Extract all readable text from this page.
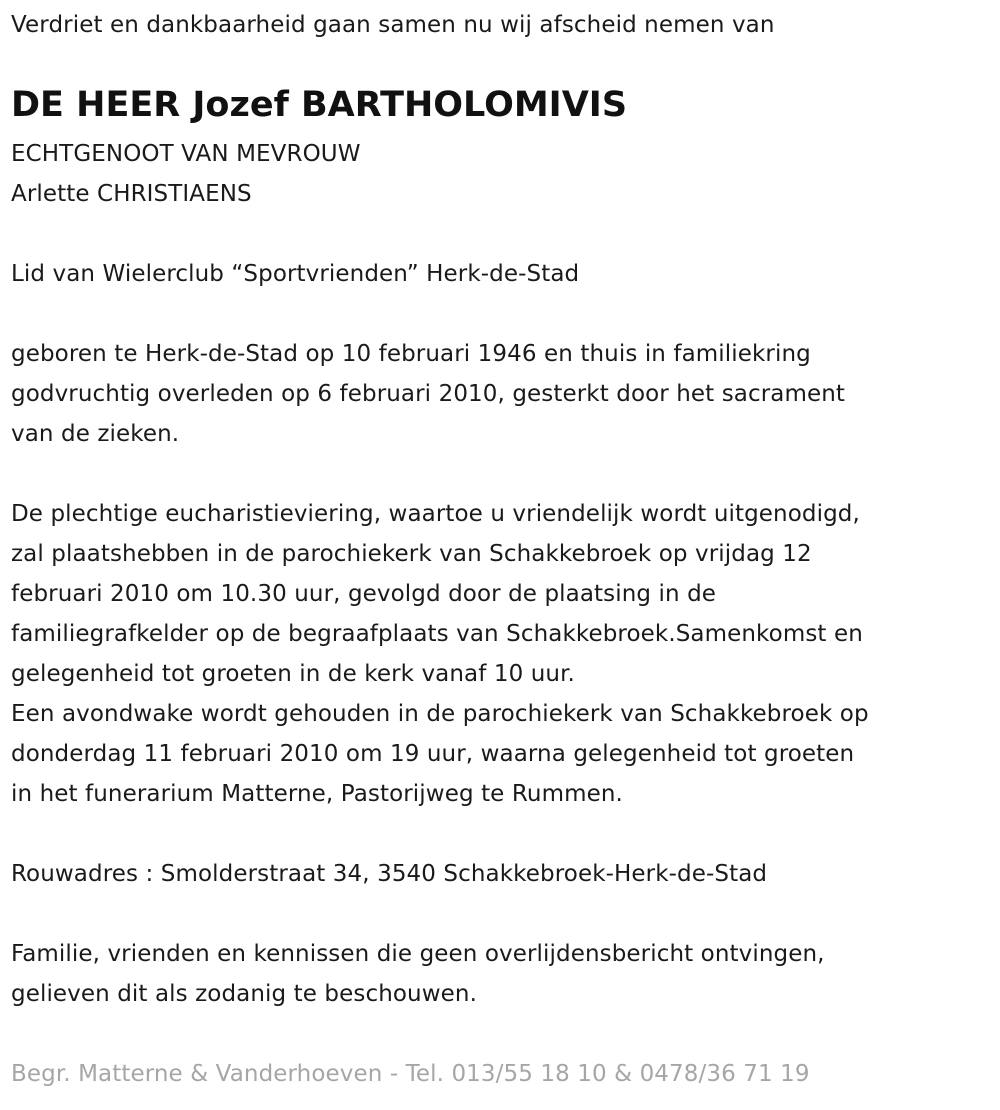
Verdriet en dankbaarheid gaan samen nu wij afscheid nemen van
DE HEER Jozef BARTHOLOMIVIS
ECHTGENOOT VAN MEVROUW
Arlette CHRISTIAENS
Lid van Wielerclub “Sportvrienden” Herk-de-Stad
geboren te Herk-de-Stad op 10 februari 1946 en thuis in familiekring
godvruchtig overleden op 6 februari 2010, gesterkt door het sacrament
van de zieken.
De plechtige eucharistieviering, waartoe u vriendelijk wordt uitgenodigd,
zal plaatshebben in de parochiekerk van Schakkebroek op vrijdag 12
februari 2010 om 10.30 uur, gevolgd door de plaatsing in de
familiegrafkelder op de begraafplaats van Schakkebroek.Samenkomst en
gelegenheid tot groeten in de kerk vanaf 10 uur.
Een avondwake wordt gehouden in de parochiekerk van Schakkebroek op
donderdag 11 februari 2010 om 19 uur, waarna gelegenheid tot groeten
in het funerarium Matterne, Pastorijweg te Rummen.
Rouwadres : Smolderstraat 34, 3540 Schakkebroek-Herk-de-Stad
Familie, vrienden en kennissen die geen overlijdensbericht ontvingen,
gelieven dit als zodanig te beschouwen.
Begr. Matterne & Vanderhoeven - Tel. 013/55 18 10 & 0478/36 71 19
